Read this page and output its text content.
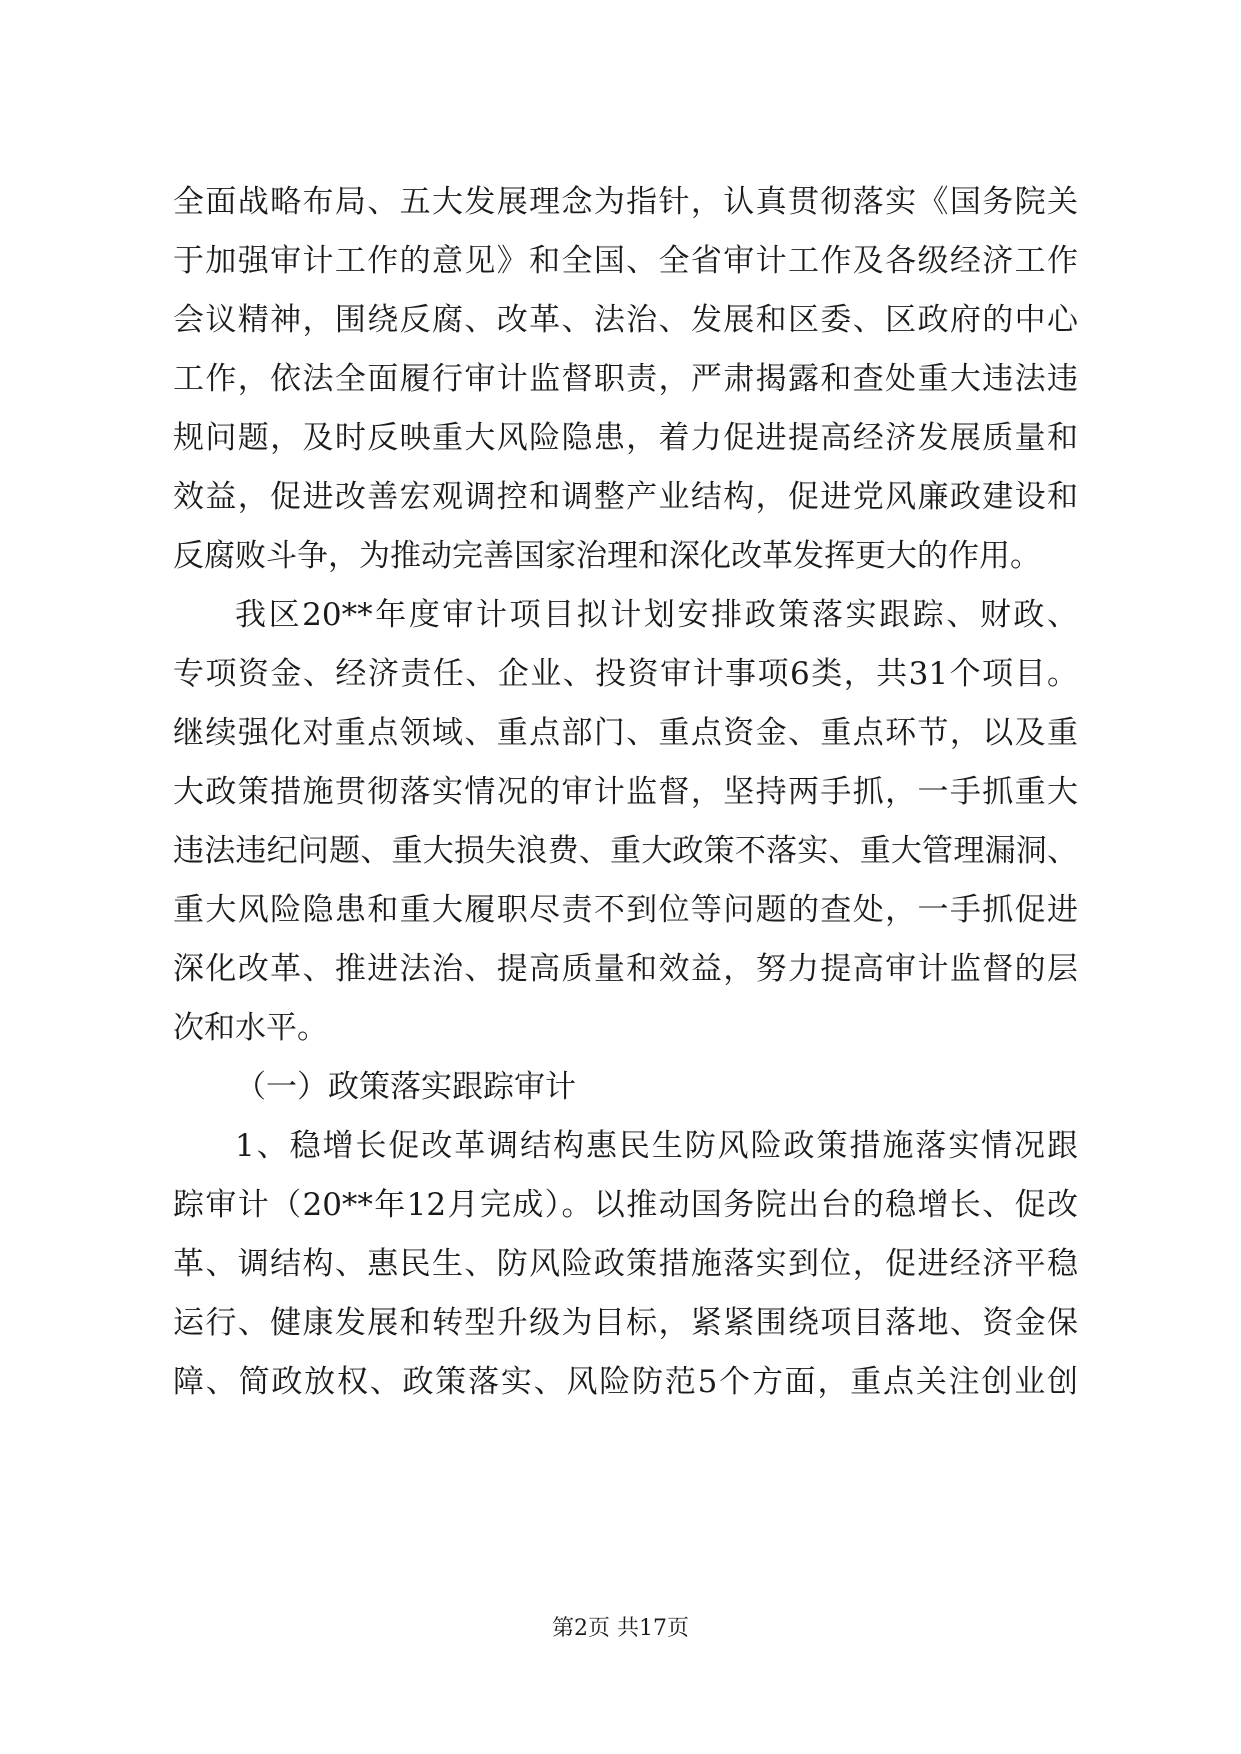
全面战略布局、五大发展理念为指针，认真贯彻落实《国务院关
于加强审计工作的意见》和全国、全省审计工作及各级经济工作
会议精神，围绕反腐、改革、法治、发展和区委、区政府的中心
工作，依法全面履行审计监督职责，严肃揭露和查处重大违法违
规问题，及时反映重大风险隐患，着力促进提高经济发展质量和
效益，促进改善宏观调控和调整产业结构，促进党风廉政建设和
反腐败斗争，为推动完善国家治理和深化改革发挥更大的作用。
我区20**年度审计项目拟计划安排政策落实跟踪、财政、
专项资金、经济责任、企业、投资审计事项6类，共31个项目。
继续强化对重点领域、重点部门、重点资金、重点环节，以及重
大政策措施贯彻落实情况的审计监督，坚持两手抓，一手抓重大
违法违纪问题、重大损失浪费、重大政策不落实、重大管理漏洞、
重大风险隐患和重大履职尽责不到位等问题的查处，一手抓促进
深化改革、推进法治、提高质量和效益，努力提高审计监督的层
次和水平。
（一）政策落实跟踪审计
1、稳增长促改革调结构惠民生防风险政策措施落实情况跟
踪审计（20**年12月完成）。以推动国务院出台的稳增长、促改
革、调结构、惠民生、防风险政策措施落实到位，促进经济平稳
运行、健康发展和转型升级为目标，紧紧围绕项目落地、资金保
障、简政放权、政策落实、风险防范5个方面，重点关注创业创
第2页 共17页
